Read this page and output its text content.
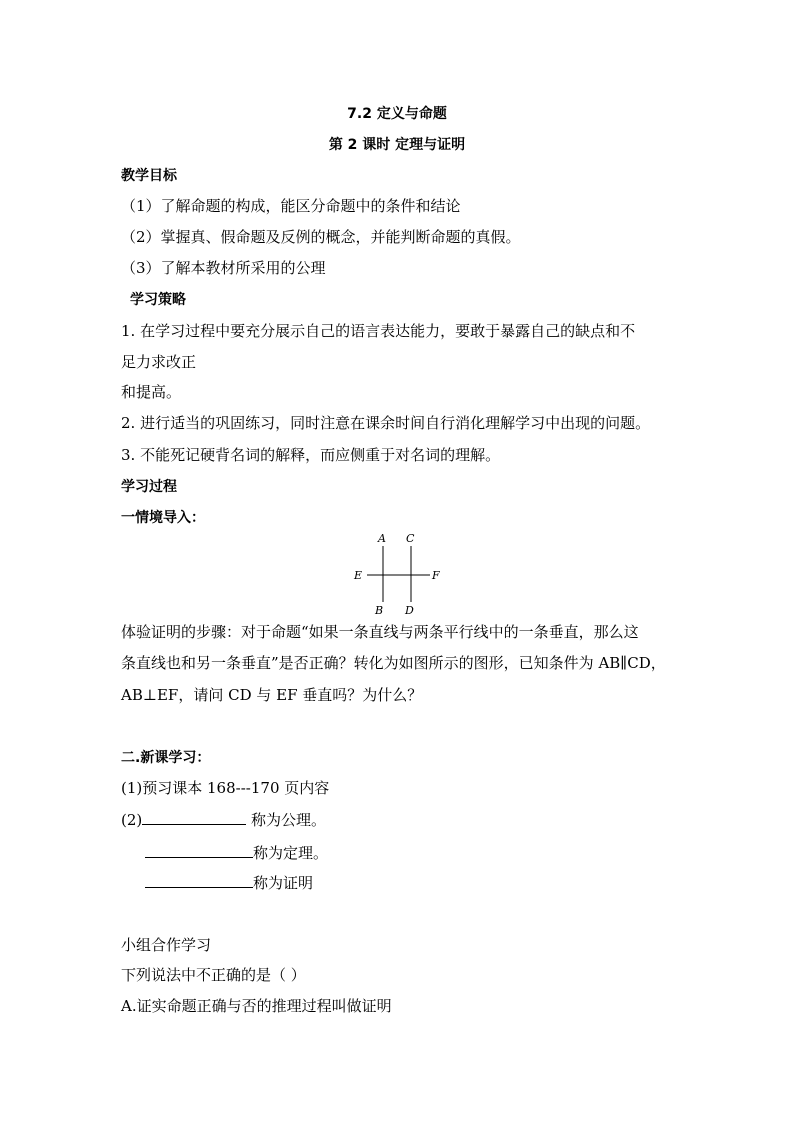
7.2 定义与命题
第 2 课时 定理与证明
教学目标
（1）了解命题的构成，能区分命题中的条件和结论
（2）掌握真、假命题及反例的概念，并能判断命题的真假。
（3）了解本教材所采用的公理
学习策略
1. 在学习过程中要充分展示自己的语言表达能力，要敢于暴露自己的缺点和不
足力求改正
和提高。
2. 进行适当的巩固练习，同时注意在课余时间自行消化理解学习中出现的问题。
3. 不能死记硬背名词的解释，而应侧重于对名词的理解。
学习过程
一情境导入：
A C
E	F
B D
体验证明的步骤：对于命题“如果一条直线与两条平行线中的一条垂直，那么这
条直线也和另一条垂直”是否正确？转化为如图所示的图形，已知条件为 AB∥CD，
AB⊥EF，请问 CD 与 EF 垂直吗？为什么？
二.新课学习：
(1)预习课本 168---170 页内容
(2)	称为公理。
称为定理。
称为证明
小组合作学习
下列说法中不正确的是（ ）
A.证实命题正确与否的推理过程叫做证明
